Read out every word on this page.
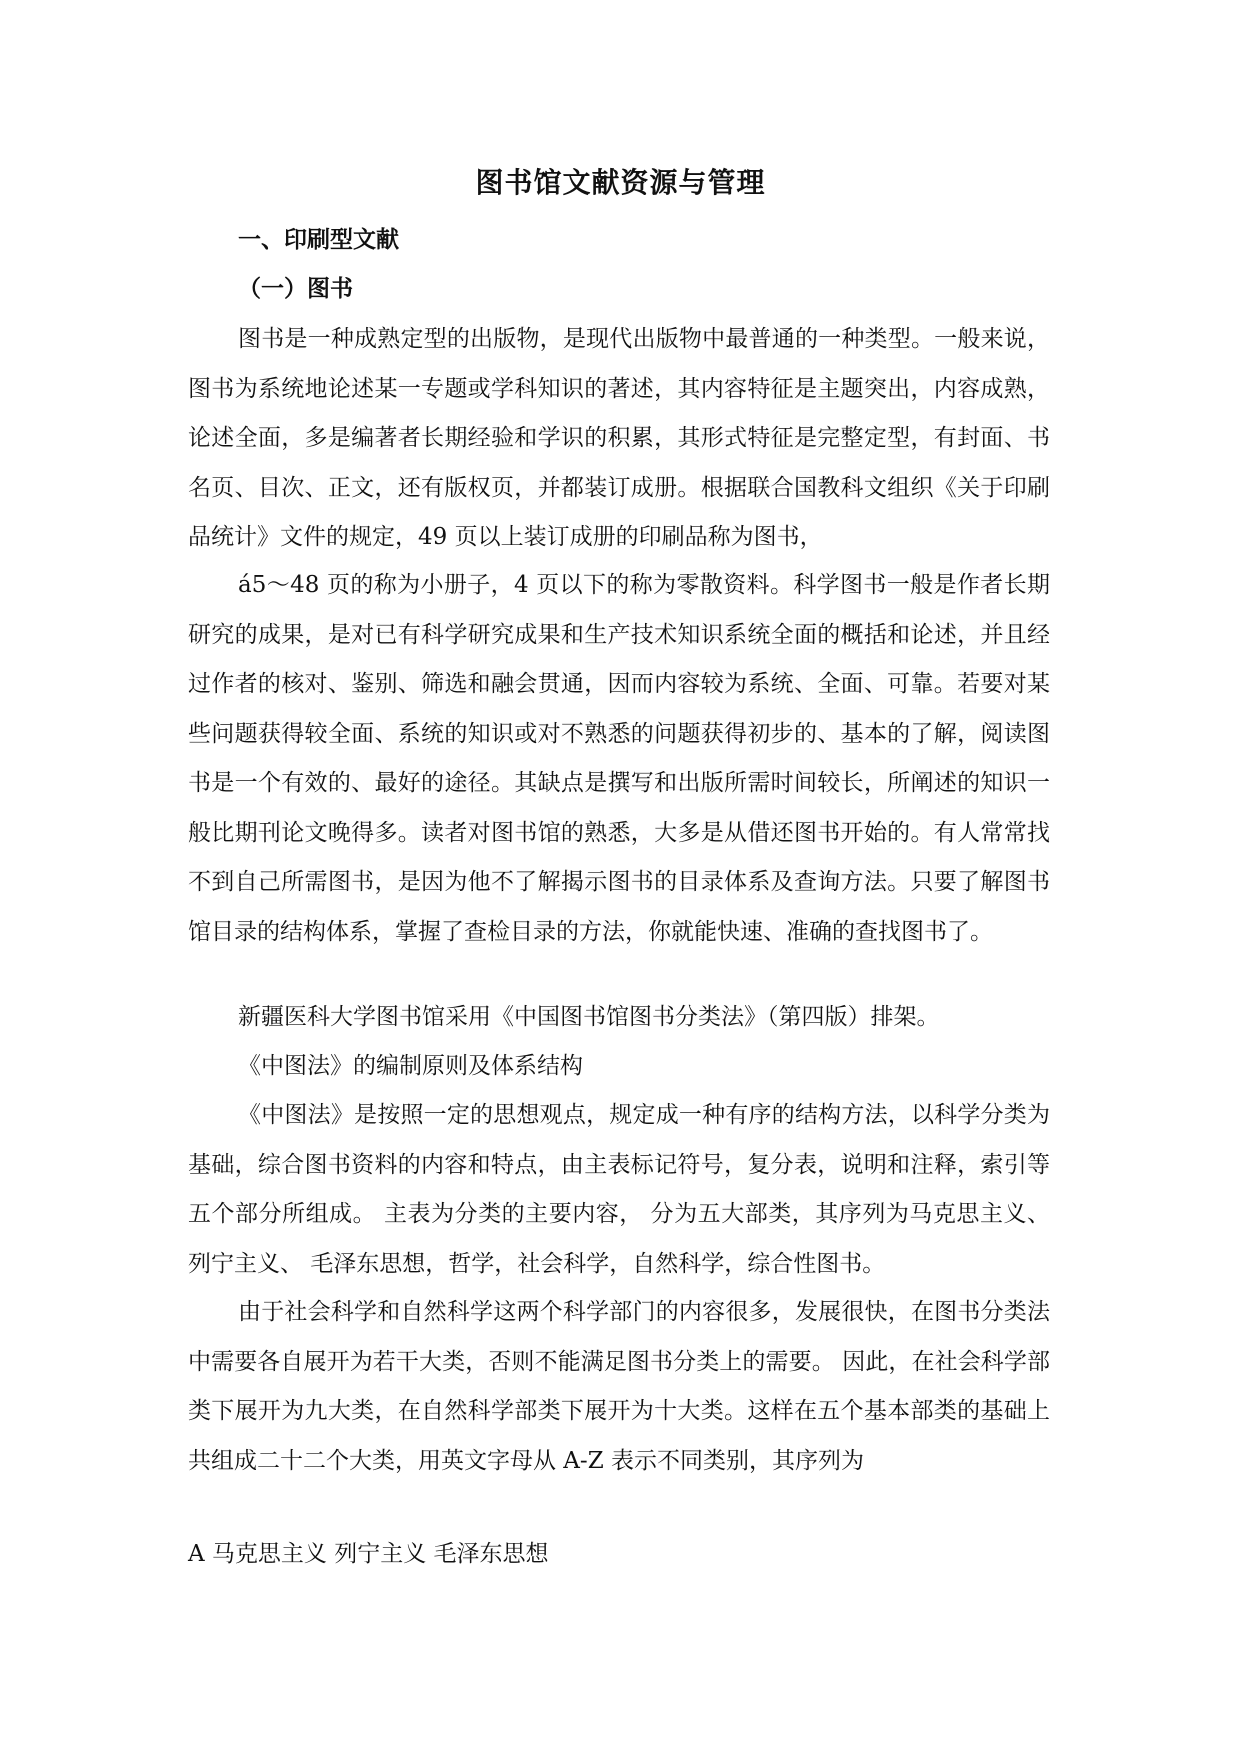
图书馆文献资源与管理
一、印刷型文献
（一）图书

图书是一种成熟定型的出版物，是现代出版物中最普通的一种类型。一般来说，图书为系统地论述某一专题或学科知识的著述，其内容特征是主题突出，内容成熟，论述全面，多是编著者长期经验和学识的积累，其形式特征是完整定型，有封面、书名页、目次、正文，还有版权页，并都装订成册。根据联合国教科文组织《关于印刷品统计》文件的规定，49 页以上装订成册的印刷品称为图书，

á5～48 页的称为小册子，4 页以下的称为零散资料。科学图书一般是作者长期研究的成果，是对已有科学研究成果和生产技术知识系统全面的概括和论述，并且经过作者的核对、鉴别、筛选和融会贯通，因而内容较为系统、全面、可靠。若要对某些问题获得较全面、系统的知识或对不熟悉的问题获得初步的、基本的了解，阅读图书是一个有效的、最好的途径。其缺点是撰写和出版所需时间较长，所阐述的知识一般比期刊论文晚得多。读者对图书馆的熟悉，大多是从借还图书开始的。有人常常找不到自己所需图书，是因为他不了解揭示图书的目录体系及查询方法。只要了解图书馆目录的结构体系，掌握了查检目录的方法，你就能快速、准确的查找图书了。

新疆医科大学图书馆采用《中国图书馆图书分类法》（第四版）排架。

《中图法》的编制原则及体系结构

《中图法》是按照一定的思想观点，规定成一种有序的结构方法，以科学分类为基础，综合图书资料的内容和特点，由主表标记符号，复分表，说明和注释，索引等五个部分所组成。 主表为分类的主要内容， 分为五大部类，其序列为马克思主义、 列宁主义、 毛泽东思想，哲学，社会科学，自然科学，综合性图书。

由于社会科学和自然科学这两个科学部门的内容很多，发展很快，在图书分类法中需要各自展开为若干大类，否则不能满足图书分类上的需要。 因此，在社会科学部类下展开为九大类，在自然科学部类下展开为十大类。这样在五个基本部类的基础上共组成二十二个大类，用英文字母从 A-Z 表示不同类别，其序列为

A 马克思主义 列宁主义 毛泽东思想
